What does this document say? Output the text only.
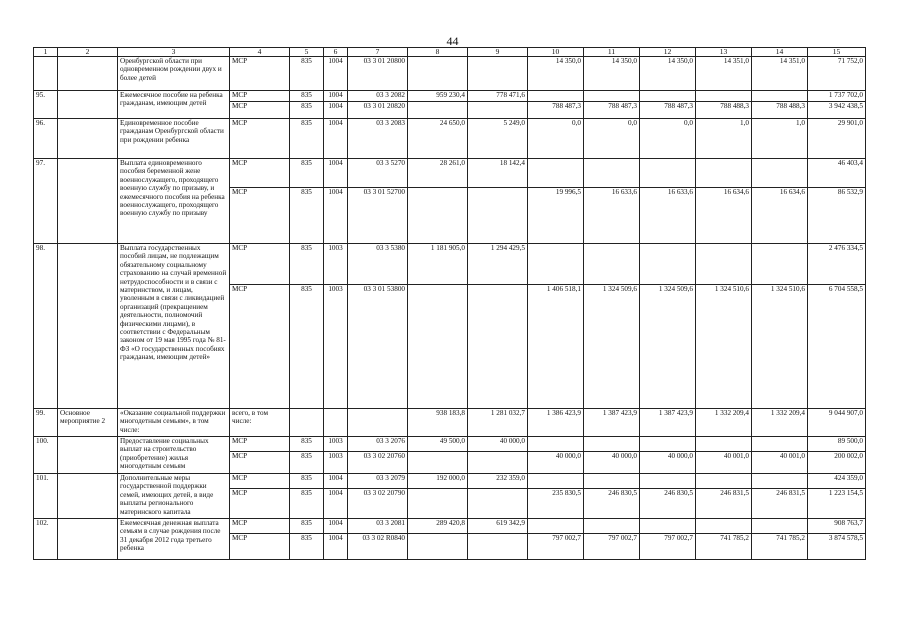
44
1	2	3	4	5	6	7	8	9	10	11	12	13	14	15
		Оренбургской области при одновременном рождении двух и более детей	МСР	835	1004	03 3 01 20800			14 350,0	14 350,0	14 350,0	14 351,0	14 351,0	71 752,0
95.		Ежемесячное пособие на ребенка гражданам, имеющим детей	МСР	835	1004	03 3 2082	959 230,4	778 471,6						1 737 702,0
			МСР	835	1004	03 3 01 20820			788 487,3	788 487,3	788 487,3	788 488,3	788 488,3	3 942 438,5
96.		Единовременное пособие гражданам Оренбургской области при рождении ребенка	МСР	835	1004	03 3 2083	24 650,0	5 249,0	0,0	0,0	0,0	1,0	1,0	29 901,0
97.		Выплата единовременного пособия беременной жене военнослужащего, проходящего военную службу по призыву, и ежемесячного пособия на ребенка военнослужащего, проходящего военную службу по призыву	МСР	835	1004	03 3 5270	28 261,0	18 142,4						46 403,4
			МСР	835	1004	03 3 01 52700			19 996,5	16 633,6	16 633,6	16 634,6	16 634,6	86 532,9
98.		Выплата государственных пособий лицам, не подлежащим обязательному социальному страхованию на случай временной нетрудоспособности и в связи с материнством, и лицам, уволенным в связи с ликвидацией организаций (прекращением деятельности, полномочий физическими лицами), в соответствии с Федеральным законом от 19 мая 1995 года № 81-ФЗ «О государственных пособиях гражданам, имеющим детей»	МСР	835	1003	03 3 5380	1 181 905,0	1 294 429,5						2 476 334,5
			МСР	835	1003	03 3 01 53800			1 406 518,1	1 324 509,6	1 324 509,6	1 324 510,6	1 324 510,6	6 704 558,5
99.	Основное мероприятие 2	«Оказание социальной поддержки многодетным семьям», в том числе:	всего, в том числе:				938 183,8	1 281 032,7	1 386 423,9	1 387 423,9	1 387 423,9	1 332 209,4	1 332 209,4	9 044 907,0
100.		Предоставление социальных выплат на строительство (приобретение) жилья многодетным семьям	МСР	835	1003	03 3 2076	49 500,0	40 000,0						89 500,0
			МСР	835	1003	03 3 02 20760			40 000,0	40 000,0	40 000,0	40 001,0	40 001,0	200 002,0
101.		Дополнительные меры государственной поддержки семей, имеющих детей, в виде выплаты регионального материнского капитала	МСР	835	1004	03 3 2079	192 000,0	232 359,0						424 359,0
			МСР	835	1004	03 3 02 20790			235 830,5	246 830,5	246 830,5	246 831,5	246 831,5	1 223 154,5
102.		Ежемесячная денежная выплата семьям в случае рождения после 31 декабря 2012 года третьего ребенка	МСР	835	1004	03 3 2081	289 420,8	619 342,9						908 763,7
			МСР	835	1004	03 3 02 R0840			797 002,7	797 002,7	797 002,7	741 785,2	741 785,2	3 874 578,5
